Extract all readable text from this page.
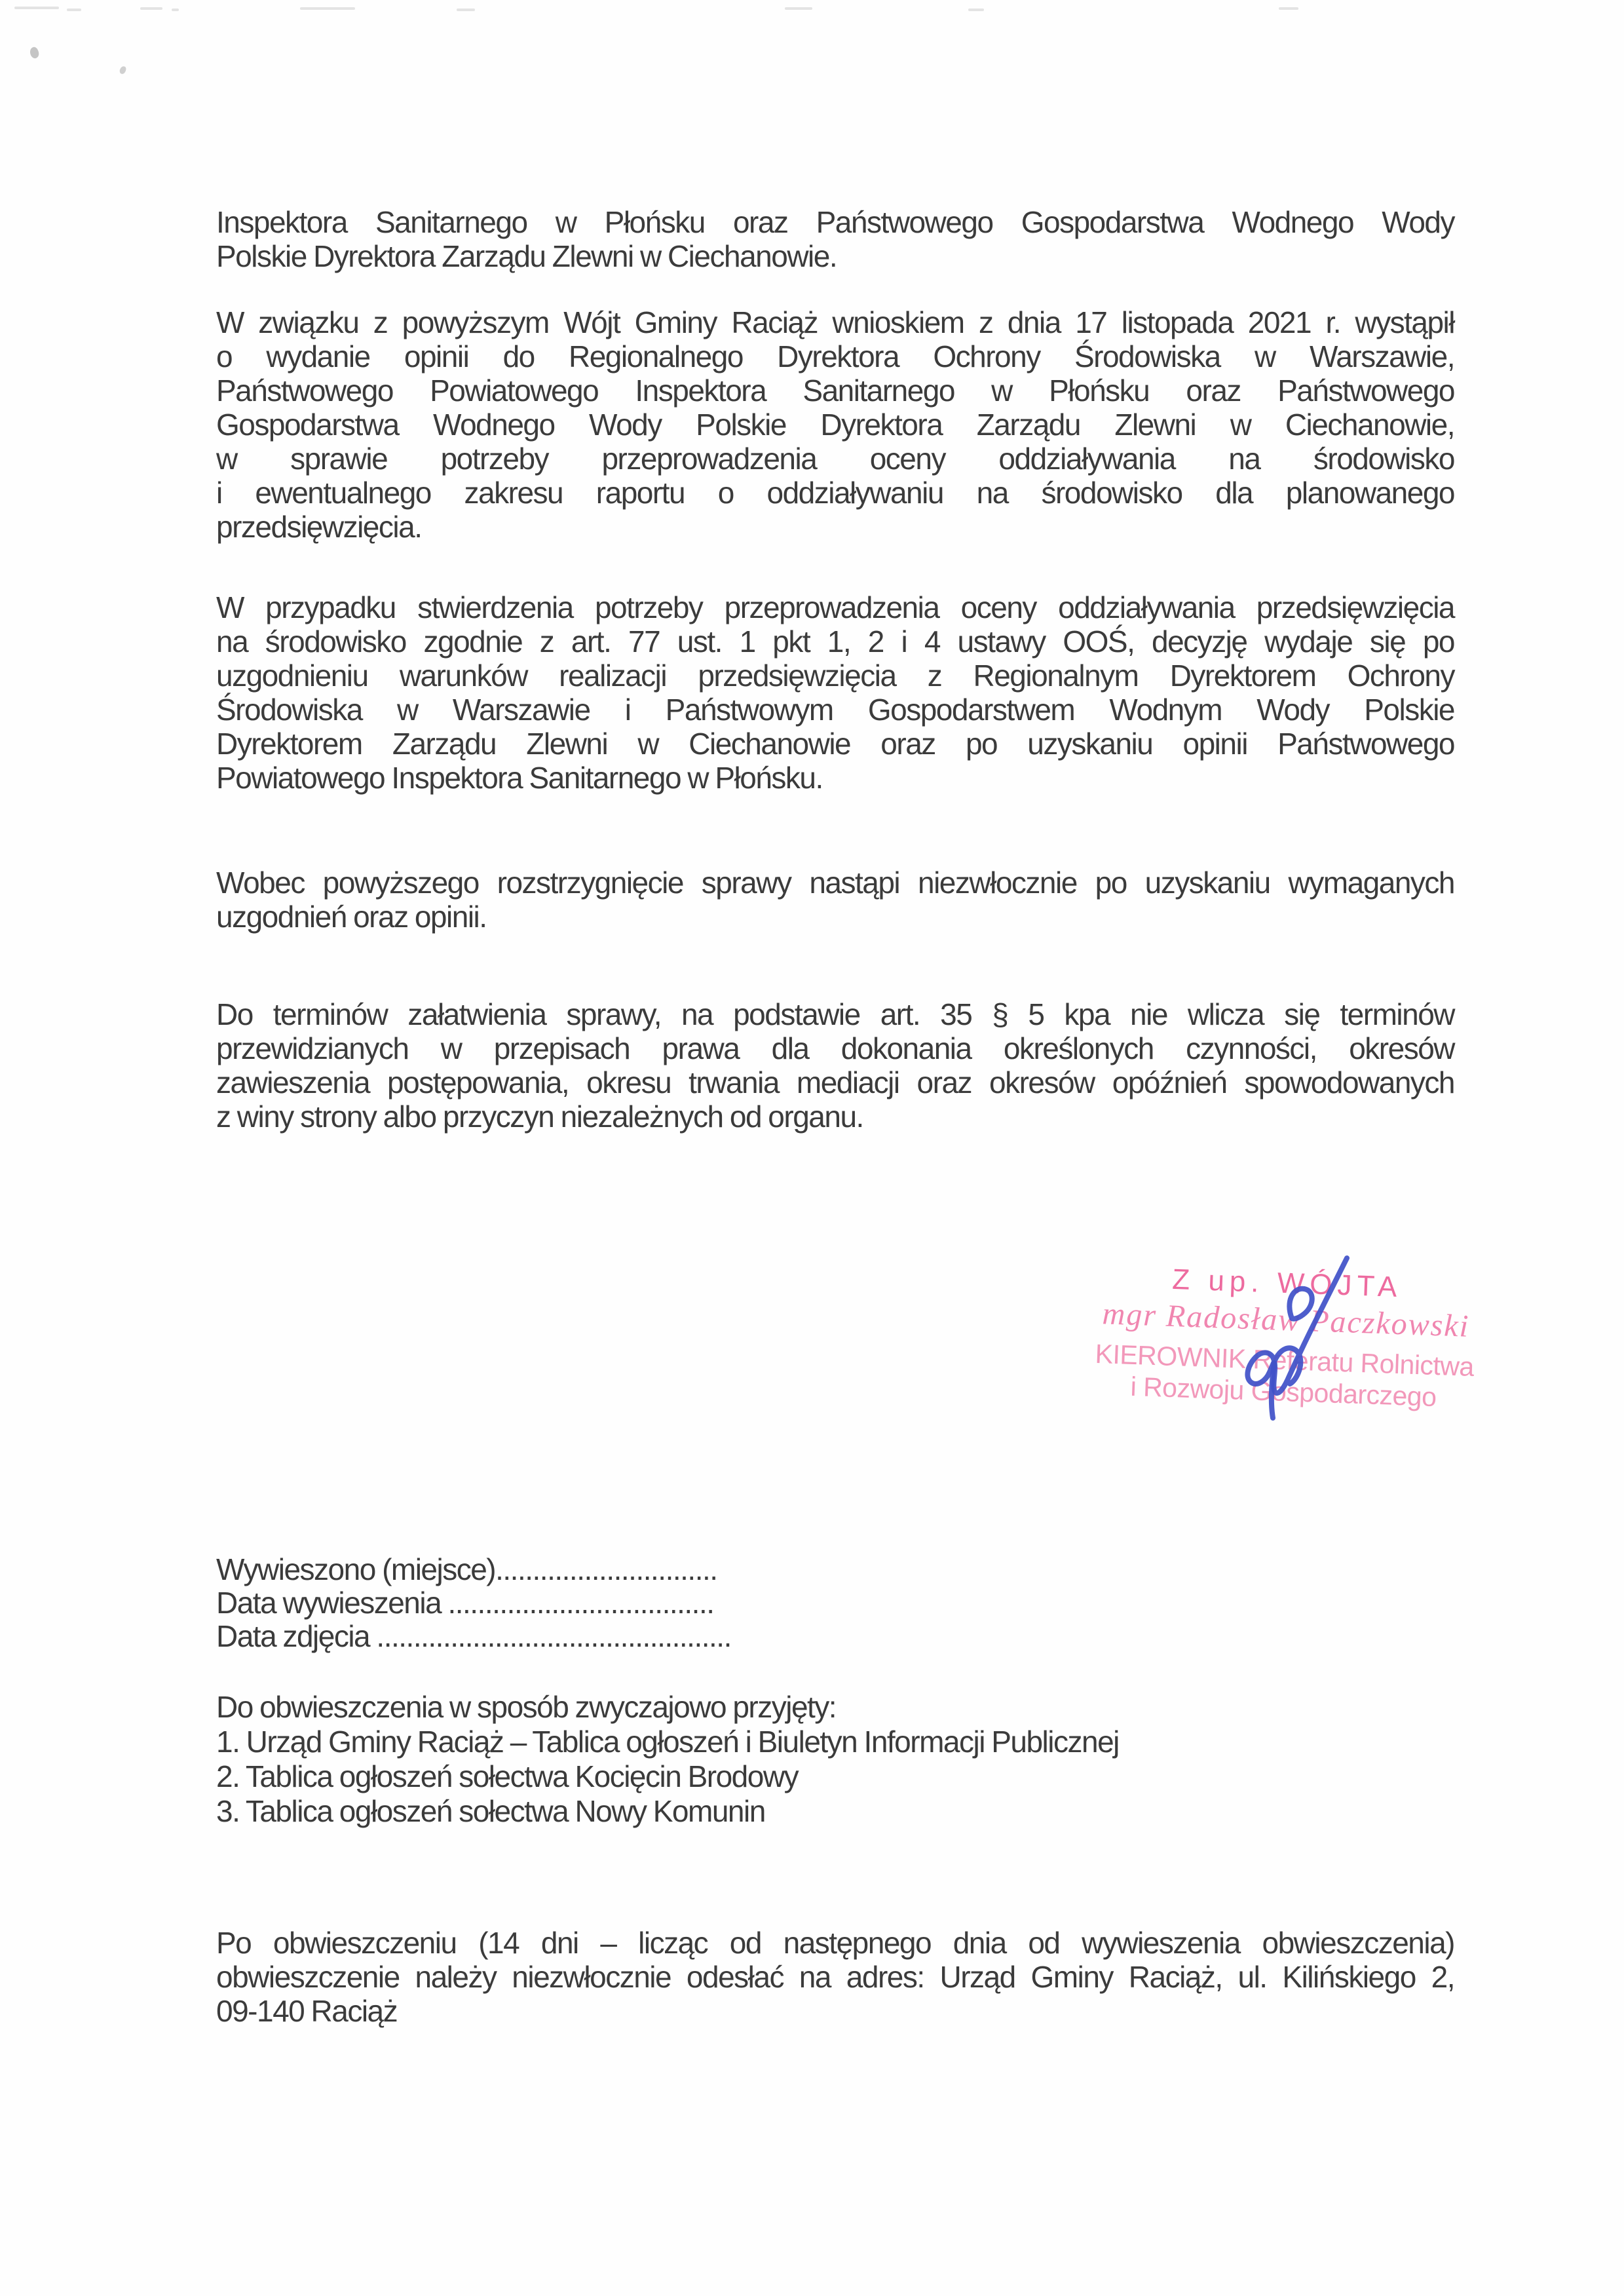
Inspektora Sanitarnego w Płońsku oraz Państwowego Gospodarstwa Wodnego Wody
Polskie Dyrektora Zarządu Zlewni w Ciechanowie.
W związku z powyższym Wójt Gminy Raciąż wnioskiem z dnia 17 listopada 2021 r. wystąpił
o wydanie opinii do Regionalnego Dyrektora Ochrony Środowiska w Warszawie,
Państwowego Powiatowego Inspektora Sanitarnego w Płońsku oraz Państwowego
Gospodarstwa Wodnego Wody Polskie Dyrektora Zarządu Zlewni w Ciechanowie,
w sprawie potrzeby przeprowadzenia oceny oddziaływania na środowisko
i ewentualnego zakresu raportu o oddziaływaniu na środowisko dla planowanego
przedsięwzięcia.
W przypadku stwierdzenia potrzeby przeprowadzenia oceny oddziaływania przedsięwzięcia
na środowisko zgodnie z art. 77 ust. 1 pkt 1, 2 i 4 ustawy OOŚ, decyzję wydaje się po
uzgodnieniu warunków realizacji przedsięwzięcia z Regionalnym Dyrektorem Ochrony
Środowiska w Warszawie i Państwowym Gospodarstwem Wodnym Wody Polskie
Dyrektorem Zarządu Zlewni w Ciechanowie oraz po uzyskaniu opinii Państwowego
Powiatowego Inspektora Sanitarnego w Płońsku.
Wobec powyższego rozstrzygnięcie sprawy nastąpi niezwłocznie po uzyskaniu wymaganych
uzgodnień oraz opinii.
Do terminów załatwienia sprawy, na podstawie art. 35 § 5 kpa nie wlicza się terminów
przewidzianych w przepisach prawa dla dokonania określonych czynności, okresów
zawieszenia postępowania, okresu trwania mediacji oraz okresów opóźnień spowodowanych
z winy strony albo przyczyn niezależnych od organu.
Wywieszono (miejsce)..............................
Data wywieszenia ....................................
Data zdjęcia ................................................
Do obwieszczenia w sposób zwyczajowo przyjęty:
1. Urząd Gminy Raciąż – Tablica ogłoszeń i Biuletyn Informacji Publicznej
2. Tablica ogłoszeń sołectwa Kocięcin Brodowy
3. Tablica ogłoszeń sołectwa Nowy Komunin
Po obwieszczeniu (14 dni – licząc od następnego dnia od wywieszenia obwieszczenia)
obwieszczenie należy niezwłocznie odesłać na adres: Urząd Gminy Raciąż, ul. Kilińskiego 2,
09-140 Raciąż
Z up. WÓJTA
mgr Radosław Paczkowski
KIEROWNIK Referatu Rolnictwa
i Rozwoju Gospodarczego
